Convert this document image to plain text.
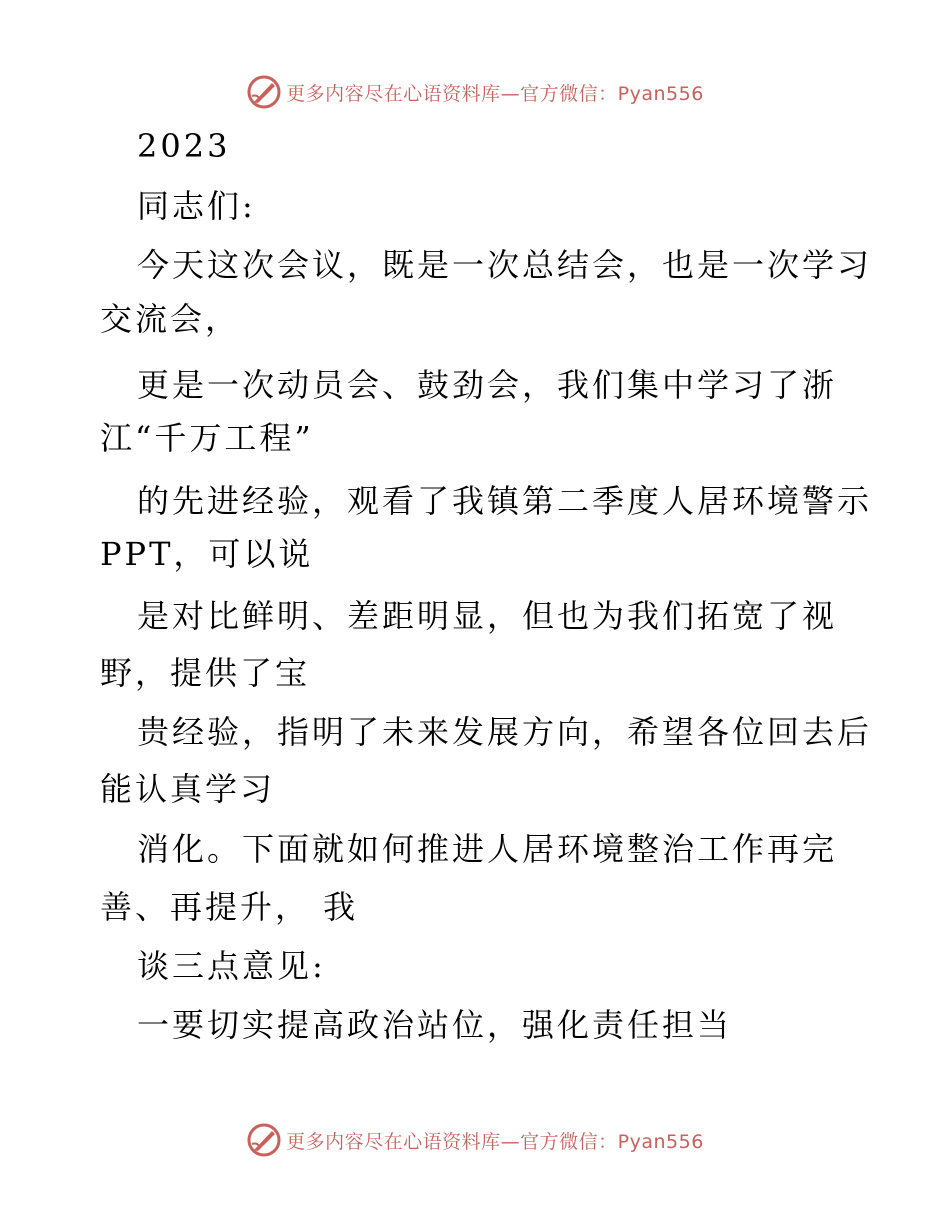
更多内容尽在心语资料库—官方微信：Pyan556
2023
同志们:
今天这次会议，既是一次总结会，也是一次学习
交流会，
更是一次动员会、鼓劲会，我们集中学习了浙
江“千万工程”
的先进经验，观看了我镇第二季度人居环境警示
PPT，可以说
是对比鲜明、差距明显，但也为我们拓宽了视
野，提供了宝
贵经验，指明了未来发展方向，希望各位回去后
能认真学习
消化。下面就如何推进人居环境整治工作再完
善、再提升， 我
谈三点意见:
一要切实提高政治站位，强化责任担当
更多内容尽在心语资料库—官方微信：Pyan556
